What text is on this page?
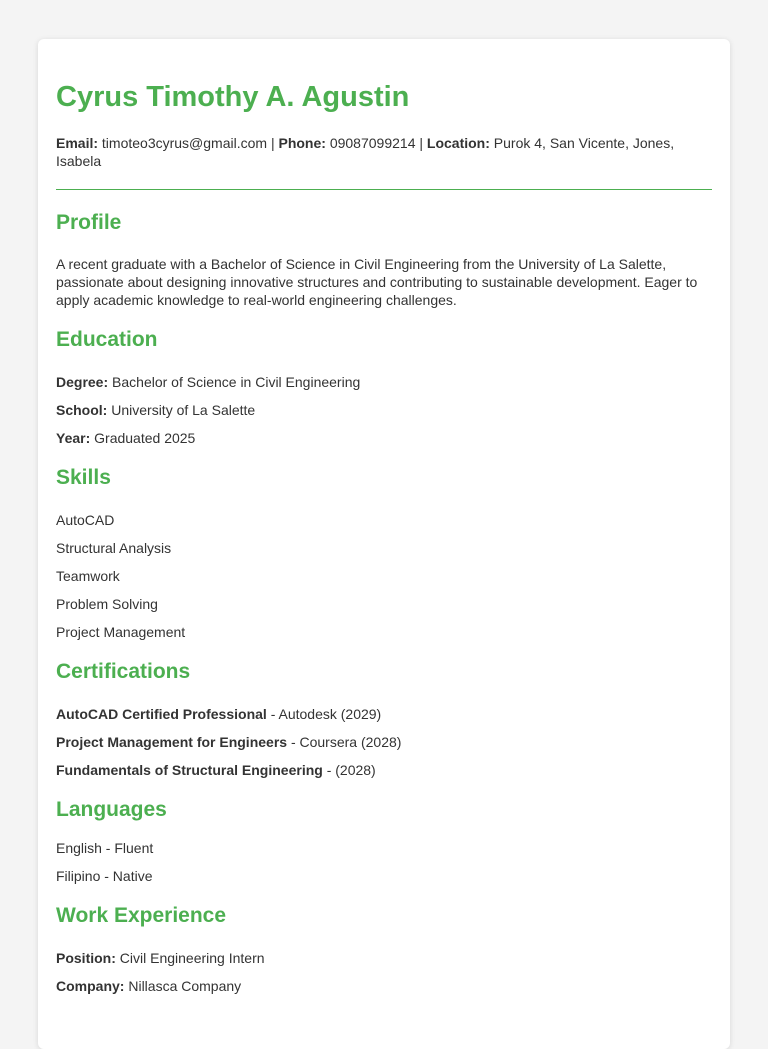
Cyrus Timothy A. Agustin
Email: timoteo3cyrus@gmail.com | Phone: 09087099214 | Location: Purok 4, San Vicente, Jones, Isabela
Profile
A recent graduate with a Bachelor of Science in Civil Engineering from the University of La Salette, passionate about designing innovative structures and contributing to sustainable development. Eager to apply academic knowledge to real-world engineering challenges.
Education

Degree: Bachelor of Science in Civil Engineering

School: University of La Salette

Year: Graduated 2025

Skills

AutoCAD

Structural Analysis

Teamwork

Problem Solving

Project Management

Certifications

AutoCAD Certified Professional - Autodesk (2029)

Project Management for Engineers - Coursera (2028)

Fundamentals of Structural Engineering - (2028)

Languages

English - Fluent

Filipino - Native

Work Experience

Position: Civil Engineering Intern

Company: Nillasca Company
